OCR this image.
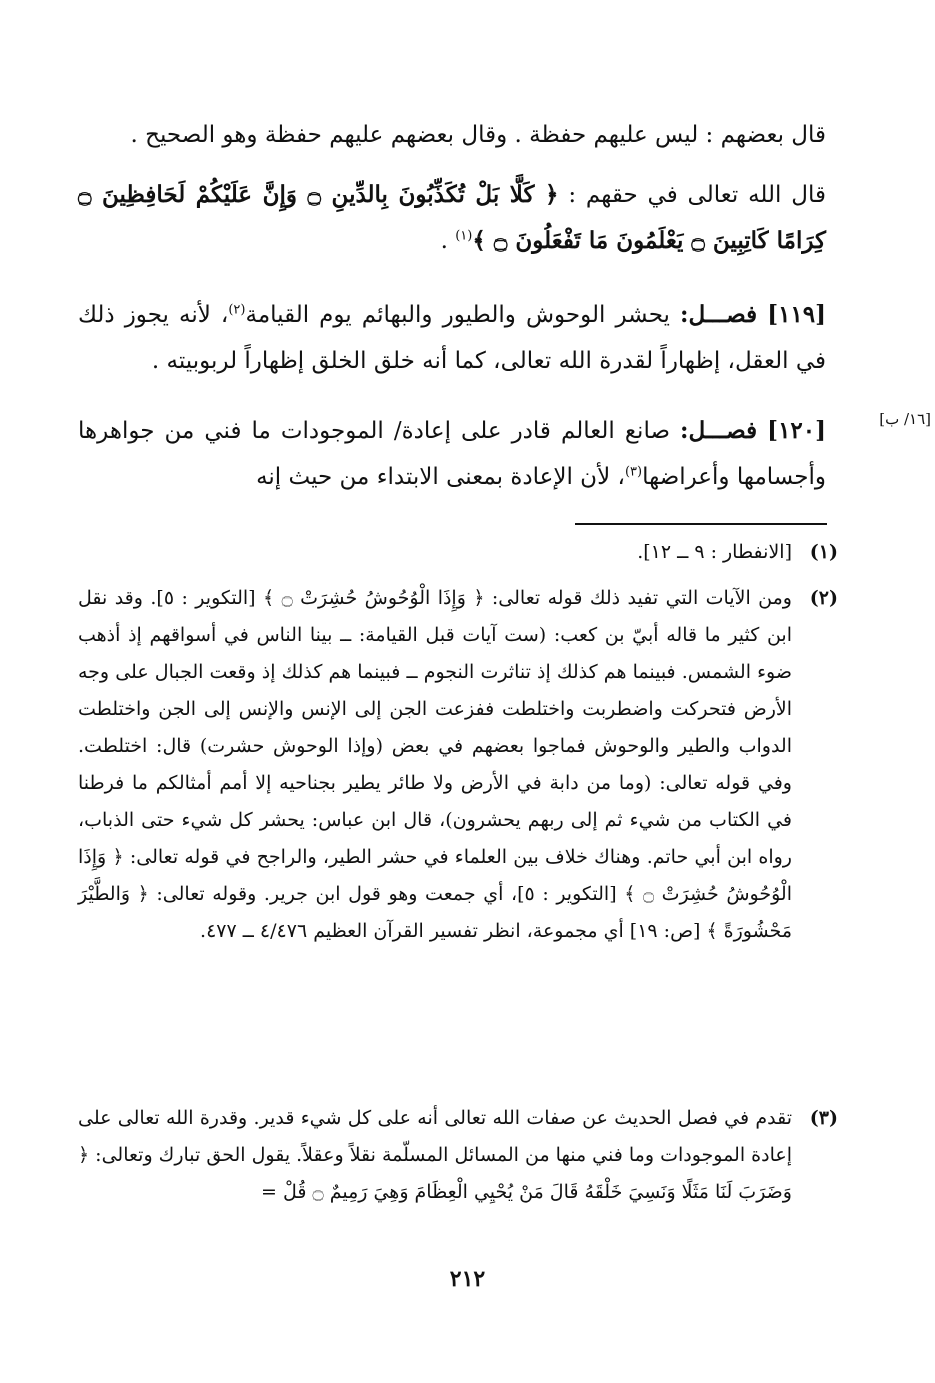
قال بعضهم : ليس عليهم حفظة . وقال بعضهم عليهم حفظة وهو الصحيح .
قال الله تعالى في حقهم : ﴿ كَلَّا بَلْ تُكَذِّبُونَ بِالدِّينِ ۝ وَإِنَّ عَلَيْكُمْ لَحَافِظِينَ ۝ كِرَامًا كَاتِبِينَ ۝ يَعْلَمُونَ مَا تَفْعَلُونَ ۝ ﴾$^{(١)}$ .
[١١٩] فصـــل: يحشر الوحوش والطيور والبهائم يوم القيامة$^{(٢)}$، لأنه يجوز ذلك في العقل، إظهاراً لقدرة الله تعالى، كما أنه خلق الخلق إظهاراً لربوبيته .
[١٦/ ب]
[١٢٠] فصـــل: صانع العالم قادر على إعادة/ الموجودات ما فني من جواهرها وأجسامها وأعراضها$^{(٣)}$، لأن الإعادة بمعنى الابتداء من حيث إنه
(١)
[الانفطار : ٩ ــ ١٢].
(٢)
ومن الآيات التي تفيد ذلك قوله تعالى: ﴿ وَإِذَا الْوُحُوشُ حُشِرَتْ ۝ ﴾ [التكوير : ٥]. وقد نقل ابن كثير ما قاله أبيّ بن كعب: (ست آيات قبل القيامة: ــ بينا الناس في أسواقهم إذ أذهب ضوء الشمس. فبينما هم كذلك إذ تناثرت النجوم ــ فبينما هم كذلك إذ وقعت الجبال على وجه الأرض فتحركت واضطربت واختلطت ففزعت الجن إلى الإنس والإنس إلى الجن واختلطت الدواب والطير والوحوش فماجوا بعضهم في بعض (وإذا الوحوش حشرت) قال: اختلطت. وفي قوله تعالى: (وما من دابة في الأرض ولا طائر يطير بجناحيه إلا أمم أمثالكم ما فرطنا في الكتاب من شيء ثم إلى ربهم يحشرون)، قال ابن عباس: يحشر كل شيء حتى الذباب، رواه ابن أبي حاتم. وهناك خلاف بين العلماء في حشر الطير، والراجح في قوله تعالى: ﴿ وَإِذَا الْوُحُوشُ حُشِرَتْ ۝ ﴾ [التكوير : ٥]، أي جمعت وهو قول ابن جرير. وقوله تعالى: ﴿ وَالطَّيْرَ مَحْشُورَةً ﴾ [ص: ١٩] أي مجموعة، انظر تفسير القرآن العظيم ٤/٤٧٦ ــ ٤٧٧.
(٣)
تقدم في فصل الحديث عن صفات الله تعالى أنه على كل شيء قدير. وقدرة الله تعالى على إعادة الموجودات وما فني منها من المسائل المسلّمة نقلاً وعقلاً. يقول الحق تبارك وتعالى: ﴿ وَضَرَبَ لَنَا مَثَلًا وَنَسِيَ خَلْقَهُ قَالَ مَنْ يُحْيِي الْعِظَامَ وَهِيَ رَمِيمٌ ۝ قُلْ =
٢١٢
